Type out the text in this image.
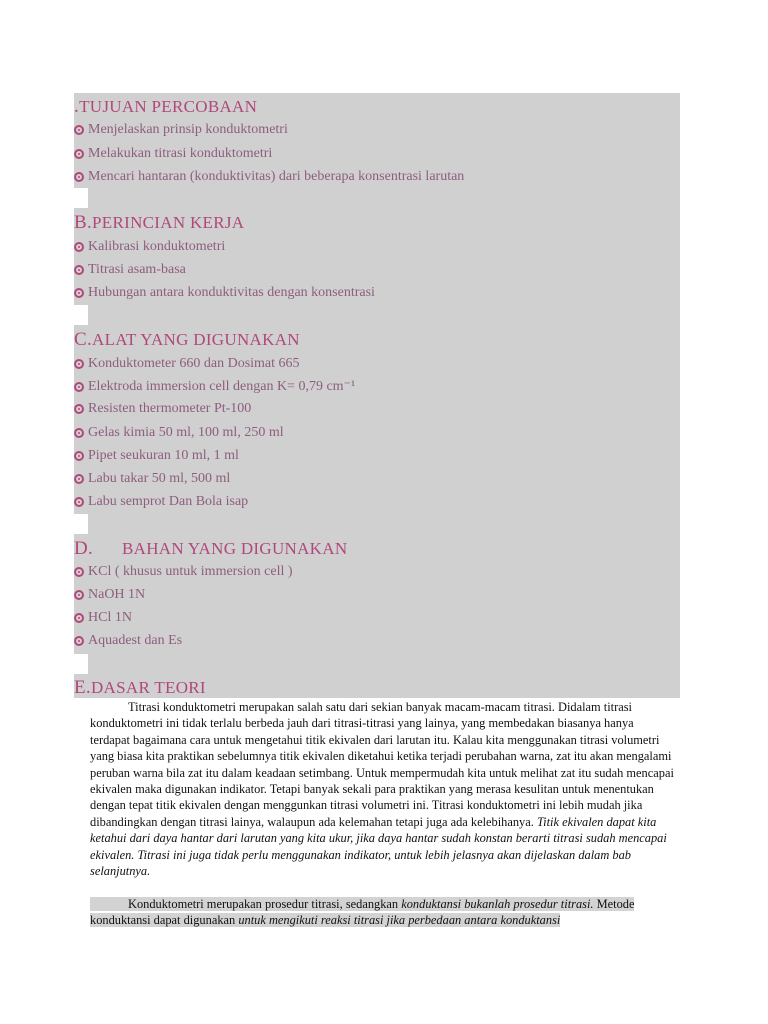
.TUJUAN PERCOBAAN
Menjelaskan prinsip konduktometri
Melakukan titrasi konduktometri
Mencari hantaran (konduktivitas) dari beberapa konsentrasi larutan
B.PERINCIAN KERJA
Kalibrasi konduktometri
Titrasi asam-basa
Hubungan antara konduktivitas dengan konsentrasi
C.ALAT YANG DIGUNAKAN
Konduktometer 660 dan Dosimat 665
Elektroda immersion cell dengan K= 0,79 cm⁻¹
Resisten thermometer Pt-100
Gelas kimia 50 ml, 100 ml, 250 ml
Pipet seukuran 10 ml, 1 ml
Labu takar 50 ml, 500 ml
Labu semprot Dan Bola isap
D. BAHAN YANG DIGUNAKAN
KCl ( khusus untuk immersion cell )
NaOH 1N
HCl 1N
Aquadest dan Es
E.DASAR TEORI
Titrasi konduktometri merupakan salah satu dari sekian banyak macam-macam titrasi. Didalam titrasi konduktometri ini tidak terlalu berbeda jauh dari titrasi-titrasi yang lainya, yang membedakan biasanya hanya terdapat bagaimana cara untuk mengetahui titik ekivalen dari larutan itu. Kalau kita menggunakan titrasi volumetri yang biasa kita praktikan sebelumnya titik ekivalen diketahui ketika terjadi perubahan warna, zat itu akan mengalami peruban warna bila zat itu dalam keadaan setimbang. Untuk mempermudah kita untuk melihat zat itu sudah mencapai ekivalen maka digunakan indikator. Tetapi banyak sekali para praktikan yang merasa kesulitan untuk menentukan dengan tepat titik ekivalen dengan menggunkan titrasi volumetri ini. Titrasi konduktometri ini lebih mudah jika dibandingkan dengan titrasi lainya, walaupun ada kelemahan tetapi juga ada kelebihanya. Titik ekivalen dapat kita ketahui dari daya hantar dari larutan yang kita ukur, jika daya hantar sudah konstan berarti titrasi sudah mencapai ekivalen. Titrasi ini juga tidak perlu menggunakan indikator, untuk lebih jelasnya akan dijelaskan dalam bab selanjutnya.
Konduktometri merupakan prosedur titrasi, sedangkan konduktansi bukanlah prosedur titrasi. Metode konduktansi dapat digunakan untuk mengikuti reaksi titrasi jika perbedaan antara konduktansi
